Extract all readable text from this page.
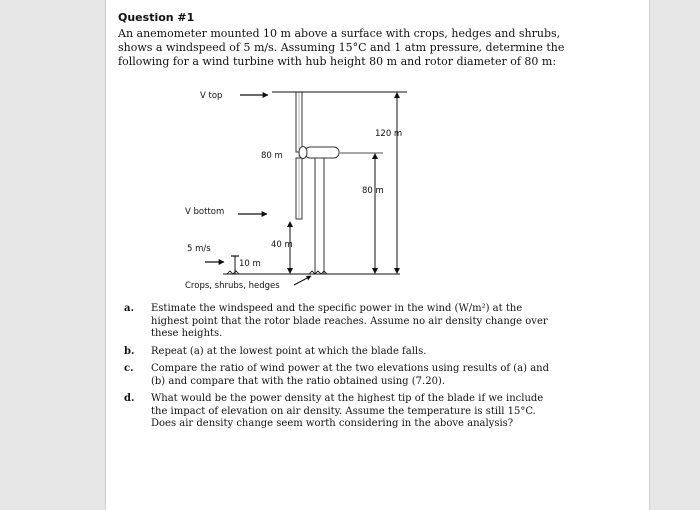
Question #1
An anemometer mounted 10 m above a surface with crops, hedges and shrubs,
shows a windspeed of 5 m/s. Assuming 15°C and 1 atm pressure, determine the
following for a wind turbine with hub height 80 m and rotor diameter of 80 m:
V top
120 m
80 m
80 m
V bottom
5 m/s	40 m
10 m
Crops, shrubs, hedges
a. Estimate the windspeed and the specific power in the wind (W/m²) at the
highest point that the rotor blade reaches. Assume no air density change over
these heights.
b. Repeat (a) at the lowest point at which the blade falls.
c. Compare the ratio of wind power at the two elevations using results of (a) and
(b) and compare that with the ratio obtained using (7.20).
d. What would be the power density at the highest tip of the blade if we include
the impact of elevation on air density. Assume the temperature is still 15°C.
Does air density change seem worth considering in the above analysis?
